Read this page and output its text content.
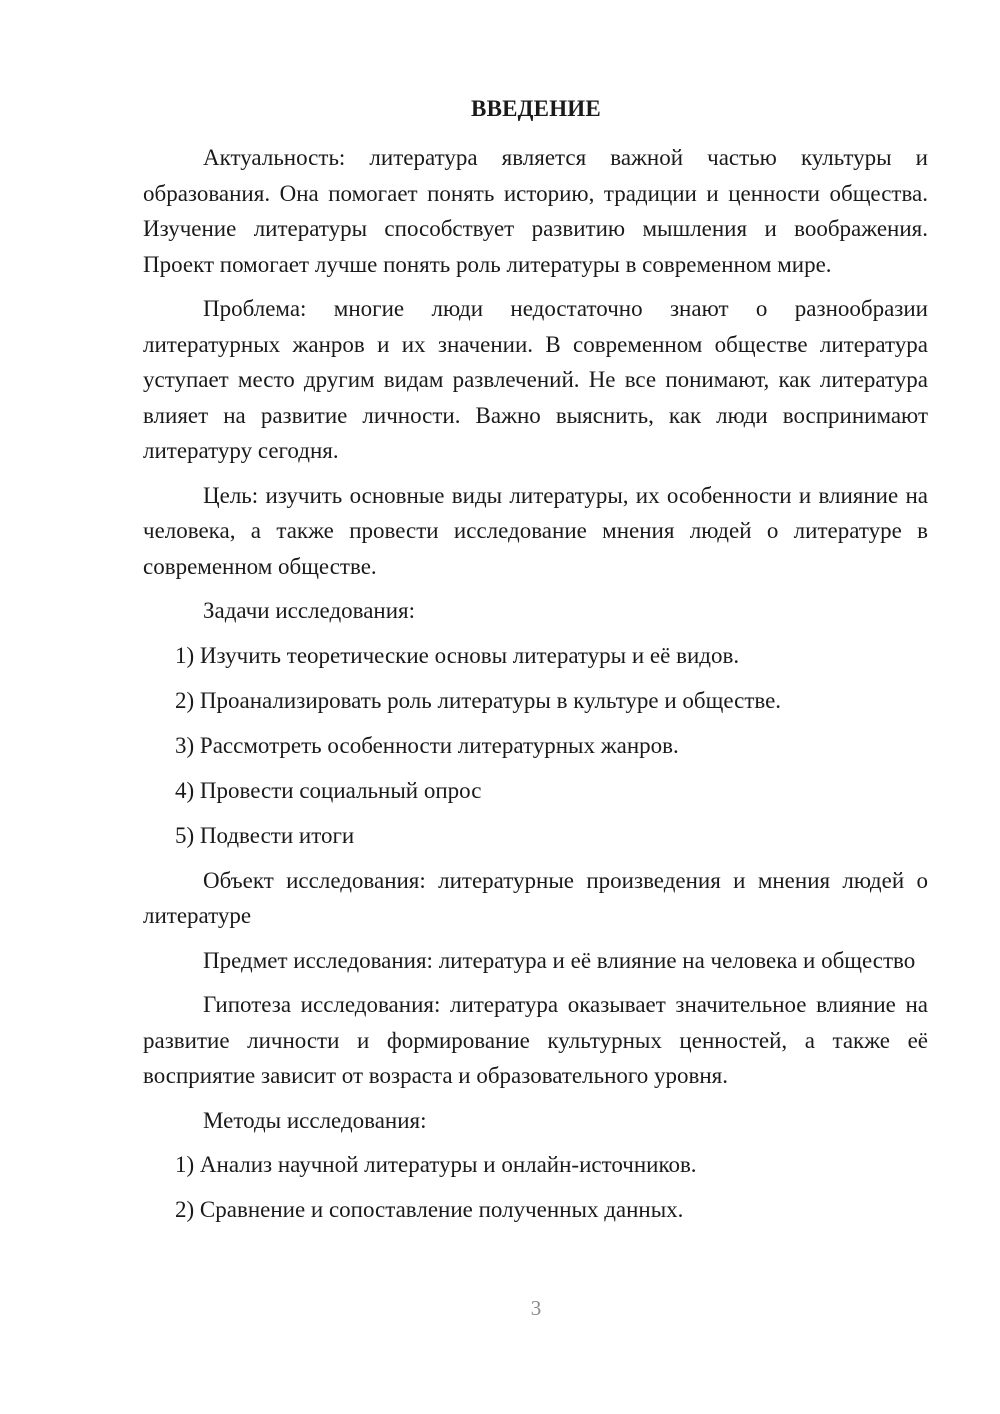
ВВЕДЕНИЕ

Актуальность: литература является важной частью культуры и образования. Она помогает понять историю, традиции и ценности общества. Изучение литературы способствует развитию мышления и воображения. Проект помогает лучше понять роль литературы в современном мире.

Проблема: многие люди недостаточно знают о разнообразии литературных жанров и их значении. В современном обществе литература уступает место другим видам развлечений. Не все понимают, как литература влияет на развитие личности. Важно выяснить, как люди воспринимают литературу сегодня.

Цель: изучить основные виды литературы, их особенности и влияние на человека, а также провести исследование мнения людей о литературе в современном обществе.

Задачи исследования:

1) Изучить теоретические основы литературы и её видов.
2) Проанализировать роль литературы в культуре и обществе.
3) Рассмотреть особенности литературных жанров.
4) Провести социальный опрос
5) Подвести итоги

Объект исследования: литературные произведения и мнения людей о литературе

Предмет исследования: литература и её влияние на человека и общество

Гипотеза исследования: литература оказывает значительное влияние на развитие личности и формирование культурных ценностей, а также её восприятие зависит от возраста и образовательного уровня.

Методы исследования:

1) Анализ научной литературы и онлайн-источников.
2) Сравнение и сопоставление полученных данных.
3
